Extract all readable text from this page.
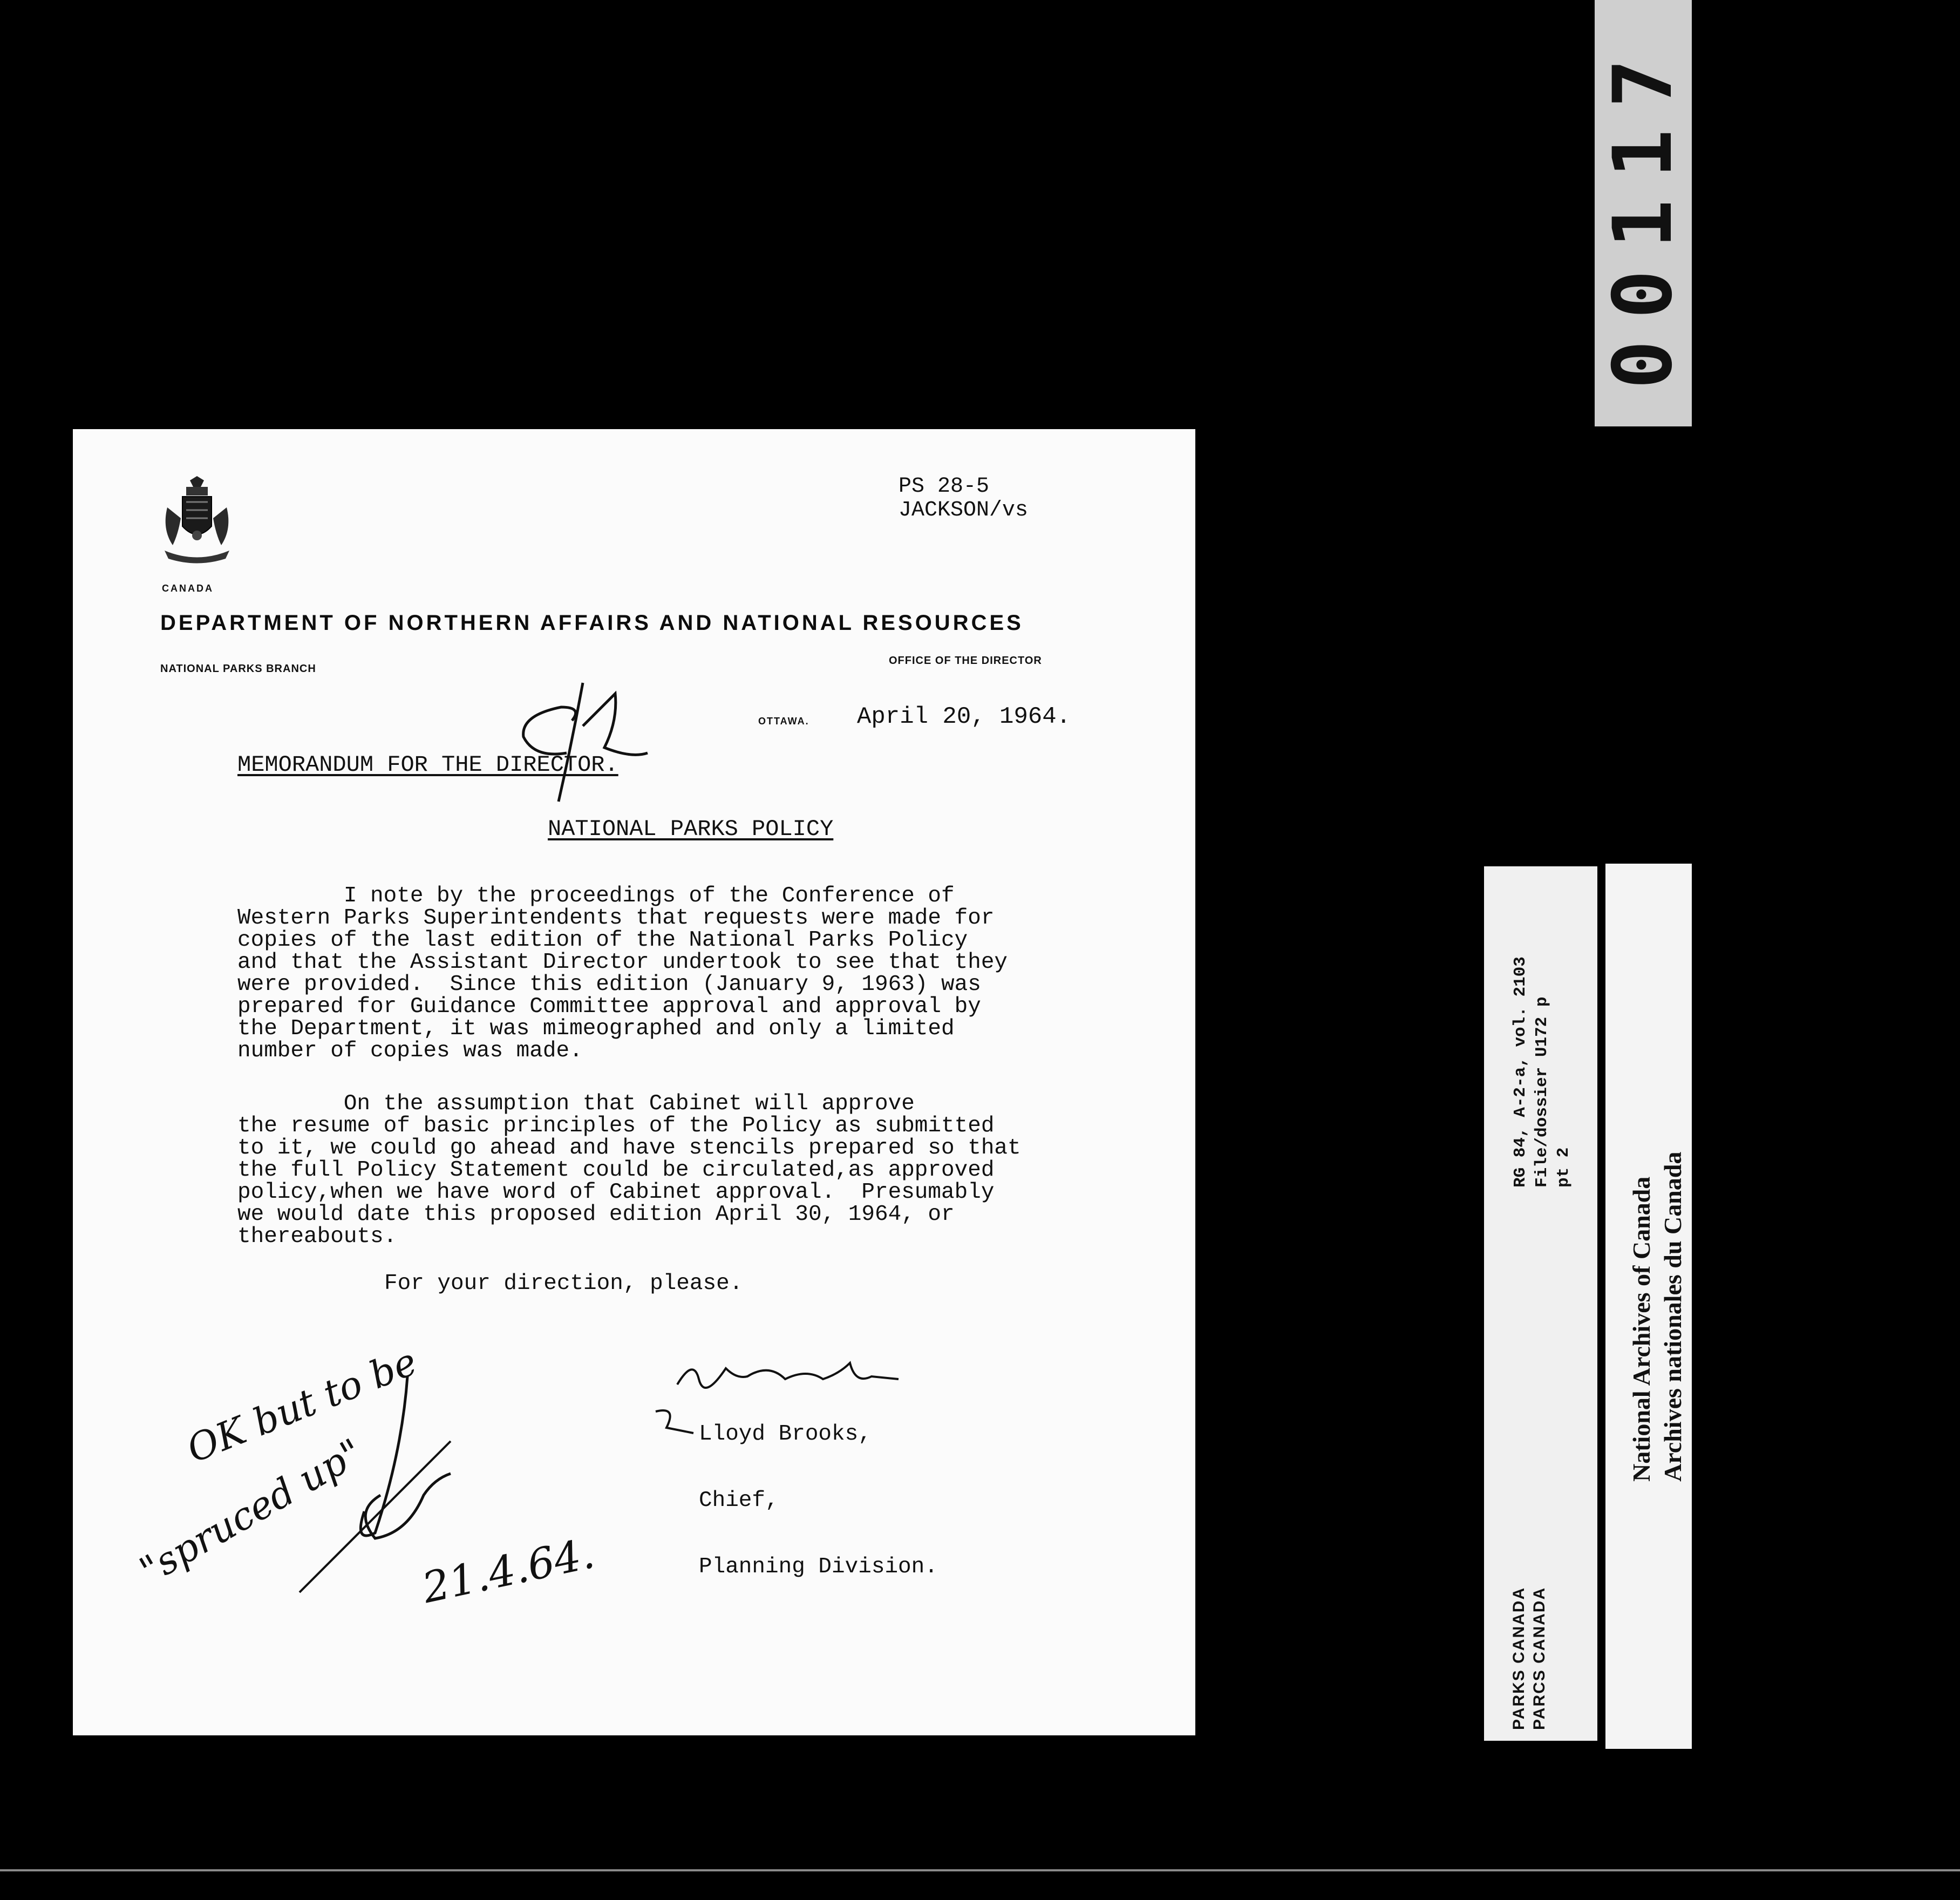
00117
CANADA
PS 28-5
JACKSON/vs
DEPARTMENT OF NORTHERN AFFAIRS AND NATIONAL RESOURCES
NATIONAL PARKS BRANCH
OFFICE OF THE DIRECTOR
OTTAWA. April 20, 1964.
MEMORANDUM FOR THE DIRECTOR.
NATIONAL PARKS POLICY
I note by the proceedings of the Conference of
Western Parks Superintendents that requests were made for
copies of the last edition of the National Parks Policy
and that the Assistant Director undertook to see that they
were provided.  Since this edition (January 9, 1963) was
prepared for Guidance Committee approval and approval by
the Department, it was mimeographed and only a limited
number of copies was made.
On the assumption that Cabinet will approve
the resume of basic principles of the Policy as submitted
to it, we could go ahead and have stencils prepared so that
the full Policy Statement could be circulated,as approved
policy,when we have word of Cabinet approval.  Presumably
we would date this proposed edition April 30, 1964, or
thereabouts.
For your direction, please.

Lloyd Brooks,

Chief,

Planning Division.

OK but to be
"spruced up" 21.4.64.
RG 84, A-2-a, vol. 2103 File/dossier U172 p pt 2
PARKS CANADA PARCS CANADA
National Archives of Canada Archives nationales du Canada
